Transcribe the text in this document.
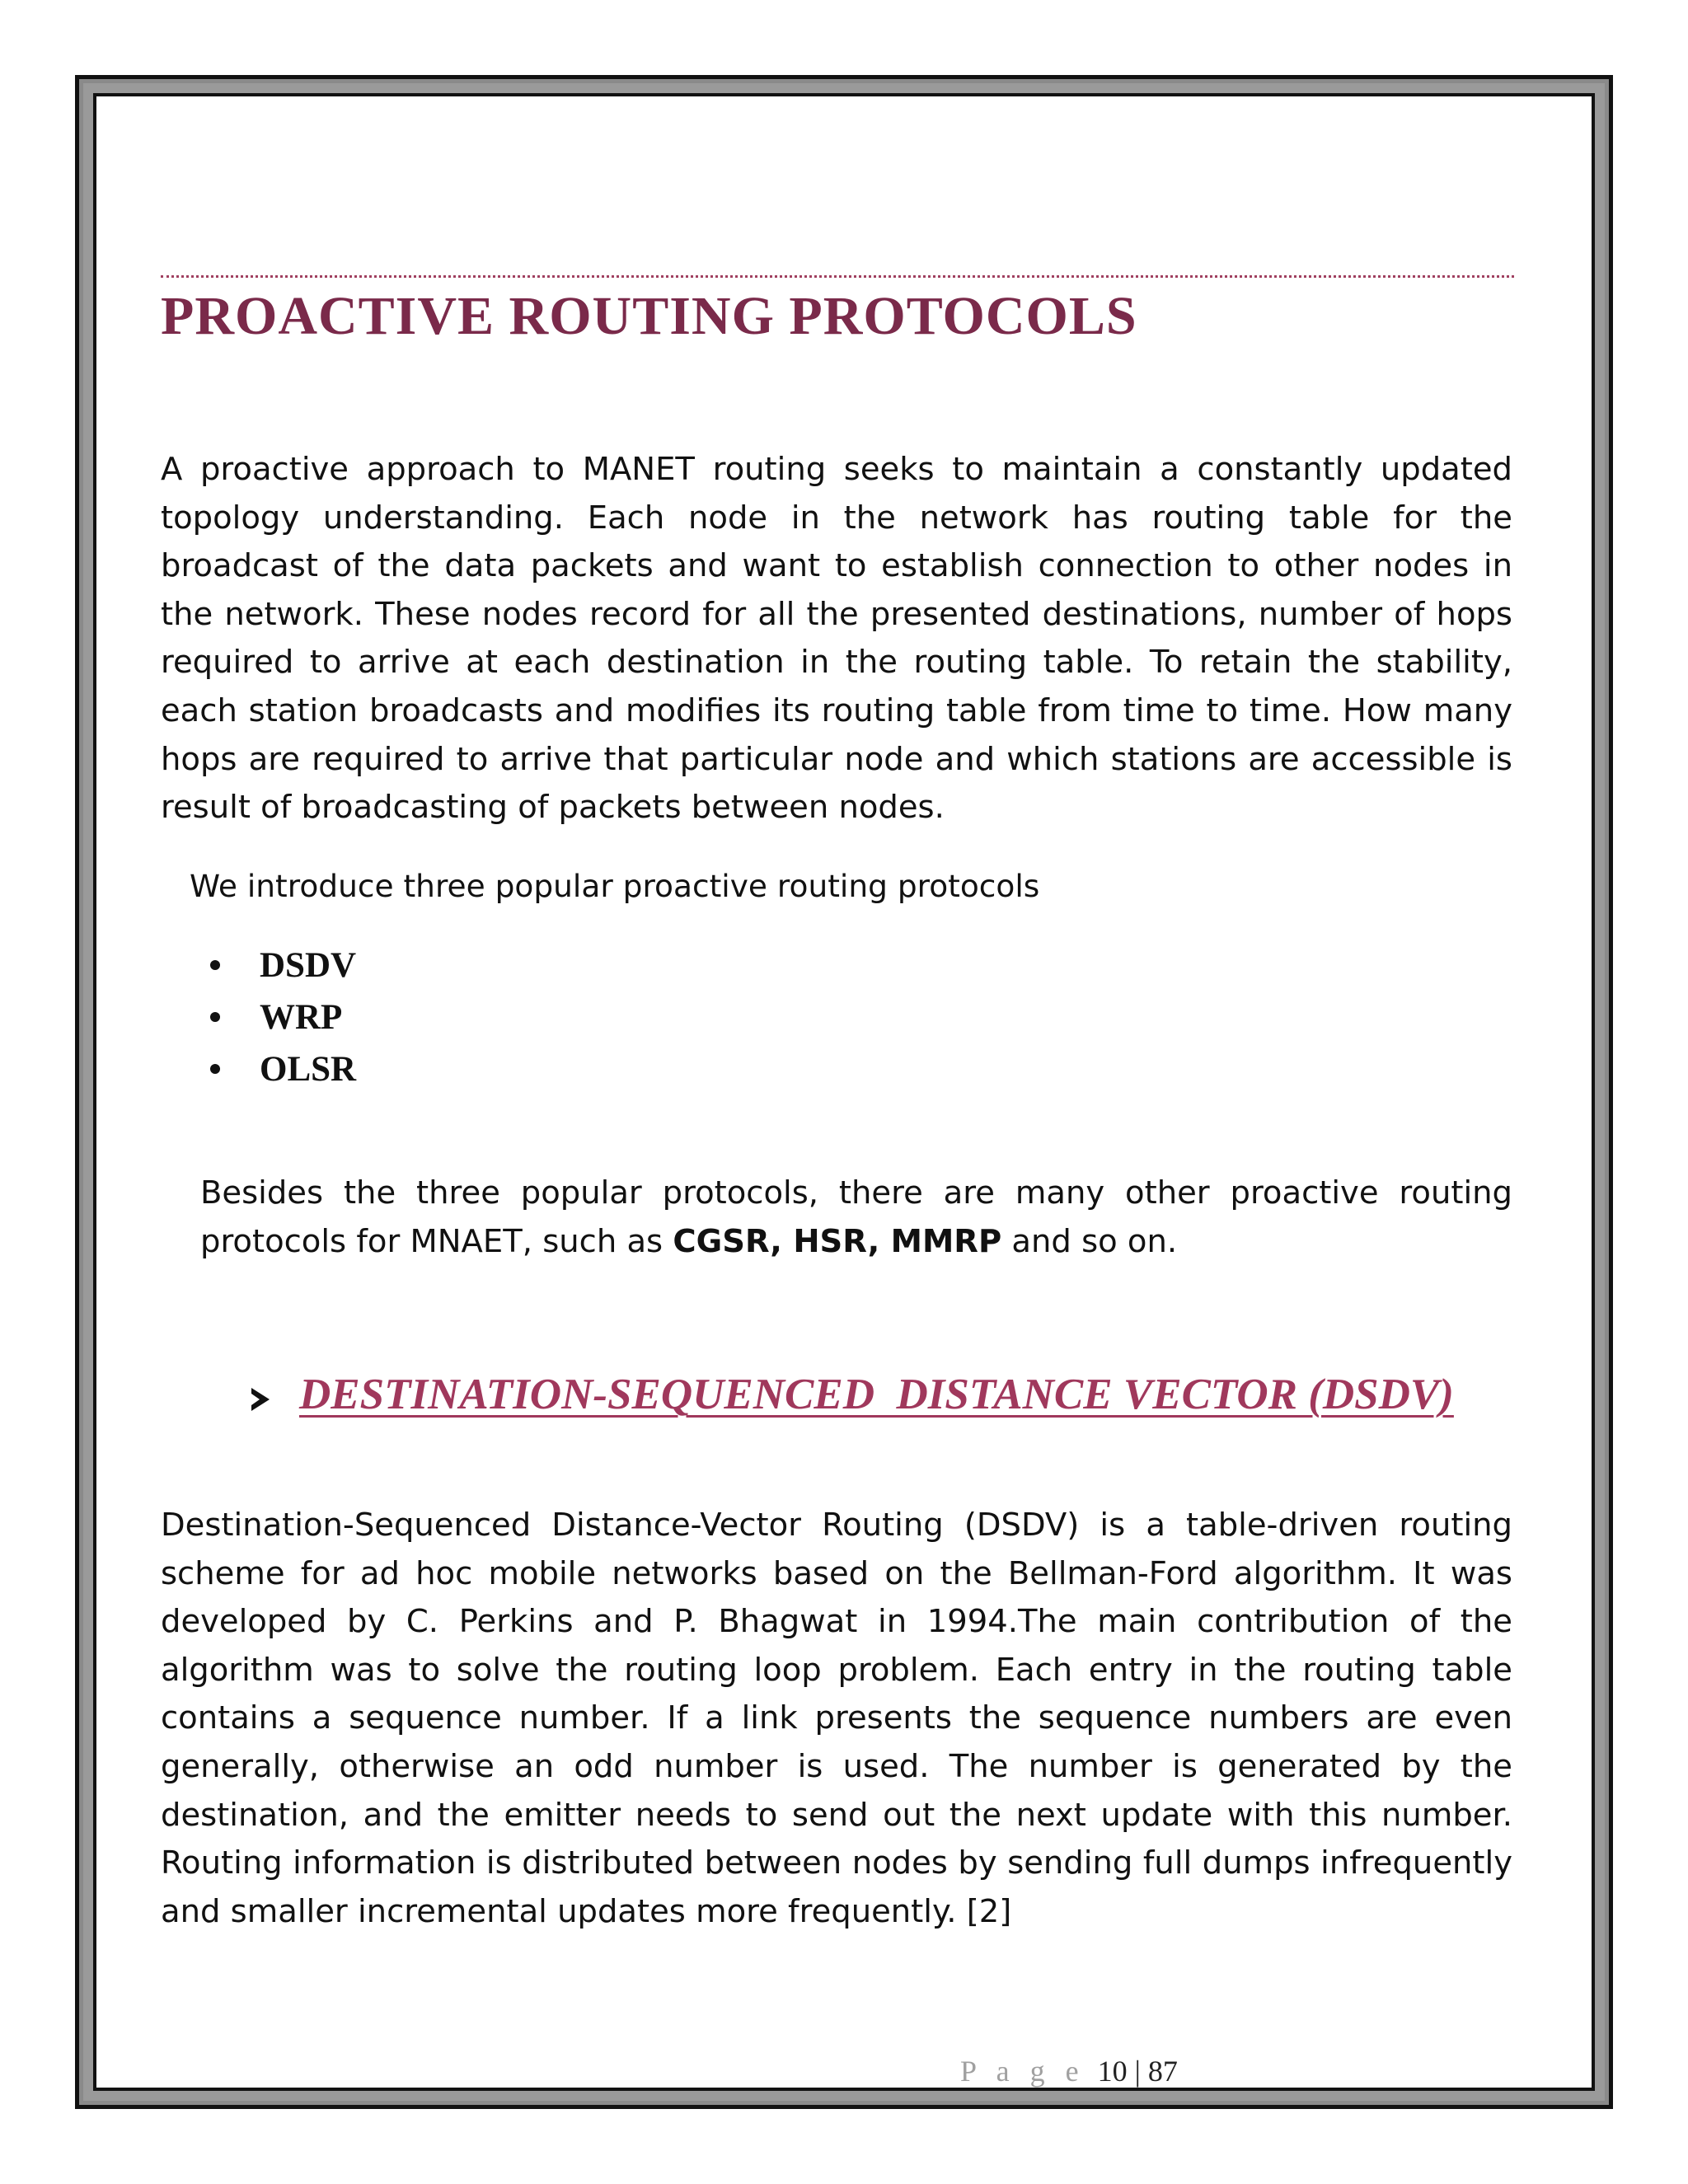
PROACTIVE ROUTING PROTOCOLS

A proactive approach to MANET routing seeks to maintain a constantly updated topology understanding. Each node in the network has routing table for the broadcast of the data packets and want to establish connection to other nodes in the network. These nodes record for all the presented destinations, number of hops required to arrive at each destination in the routing table. To retain the stability, each station broadcasts and modifies its routing table from time to time. How many hops are required to arrive that particular node and which stations are accessible is result of broadcasting of packets between nodes.

We introduce three popular proactive routing protocols

DSDV
WRP
OLSR

Besides the three popular protocols, there are many other proactive routing protocols for MNAET, such as CGSR, HSR, MMRP and so on.

DESTINATION-SEQUENCED  DISTANCE VECTOR (DSDV)

Destination-Sequenced Distance-Vector Routing (DSDV) is a table-driven routing scheme for ad hoc mobile networks based on the Bellman-Ford algorithm. It was developed by C. Perkins and P. Bhagwat in 1994.The main contribution of the algorithm was to solve the routing loop problem. Each entry in the routing table contains a sequence number. If a link presents the sequence numbers are even generally, otherwise an odd number is used. The number is generated by the destination, and the emitter needs to send out the next update with this number. Routing information is distributed between nodes by sending full dumps infrequently and smaller incremental updates more frequently. [2]

P a g e 10 | 87
